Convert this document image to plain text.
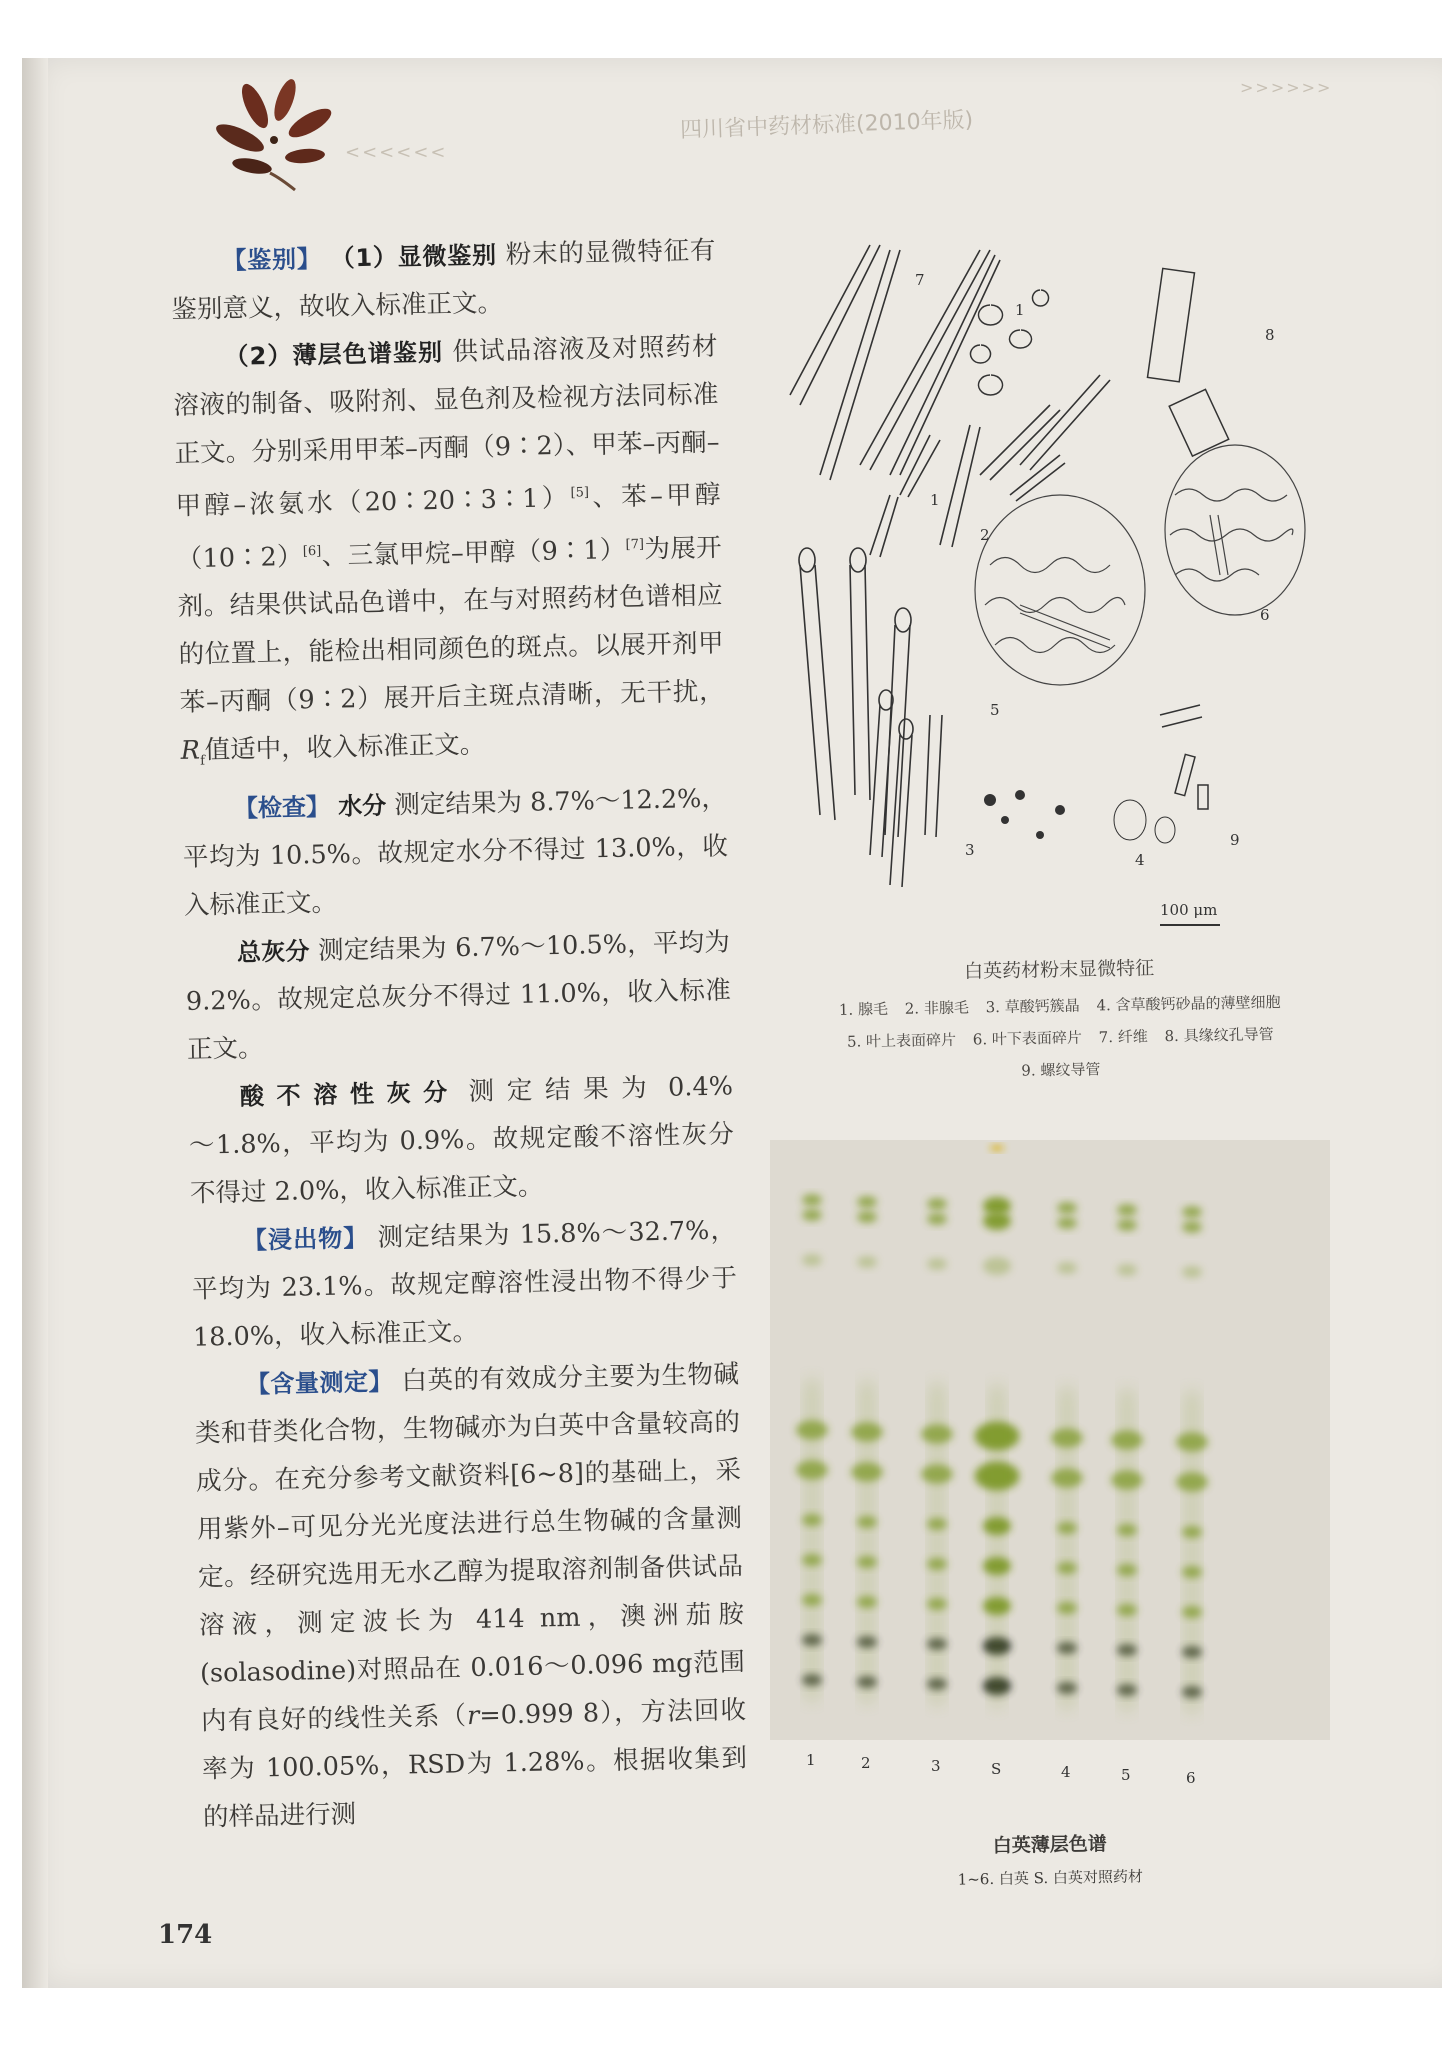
<<<<<<
四川省中药材标准(2010年版)
>>>>>>

【鉴别】 （1）显微鉴别 粉末的显微特征有鉴别意义，故收入标准正文。

（2）薄层色谱鉴别 供试品溶液及对照药材溶液的制备、吸附剂、显色剂及检视方法同标准正文。分别采用甲苯–丙酮（9∶2）、甲苯–丙酮–甲醇–浓氨水（20∶20∶3∶1）[5]、苯–甲醇（10∶2）[6]、三氯甲烷–甲醇（9∶1）[7]为展开剂。结果供试品色谱中，在与对照药材色谱相应的位置上，能检出相同颜色的斑点。以展开剂甲苯–丙酮（9∶2）展开后主斑点清晰，无干扰，$R_f$值适中，收入标准正文。

【检查】 水分 测定结果为 8.7%～12.2%，平均为 10.5%。故规定水分不得过 13.0%，收入标准正文。

总灰分 测定结果为 6.7%～10.5%，平均为 9.2%。故规定总灰分不得过 11.0%，收入标准正文。

酸不溶性灰分 测定结果为 0.4%～1.8%，平均为 0.9%。故规定酸不溶性灰分不得过 2.0%，收入标准正文。

【浸出物】 测定结果为 15.8%～32.7%，平均为 23.1%。故规定醇溶性浸出物不得少于 18.0%，收入标准正文。

【含量测定】 白英的有效成分主要为生物碱类和苷类化合物，生物碱亦为白英中含量较高的成分。在充分参考文献资料[6~8]的基础上，采用紫外–可见分光光度法进行总生物碱的含量测定。经研究选用无水乙醇为提取溶剂制备供试品溶液，测定波长为 414 nm，澳洲茄胺(solasodine)对照品在 0.016～0.096 mg范围内有良好的线性关系（r=0.999 8），方法回收率为 100.05%，RSD为 1.28%。根据收集到的样品进行测

174
1
1
2
3
4
5
6
7
8
9
100 μm
白英药材粉末显微特征
1. 腺毛 2. 非腺毛 3. 草酸钙簇晶 4. 含草酸钙砂晶的薄壁细胞
5. 叶上表面碎片 6. 叶下表面碎片 7. 纤维 8. 具缘纹孔导管
9. 螺纹导管
1	2	3	S	4	5	6
白英薄层色谱
1~6. 白英 S. 白英对照药材
